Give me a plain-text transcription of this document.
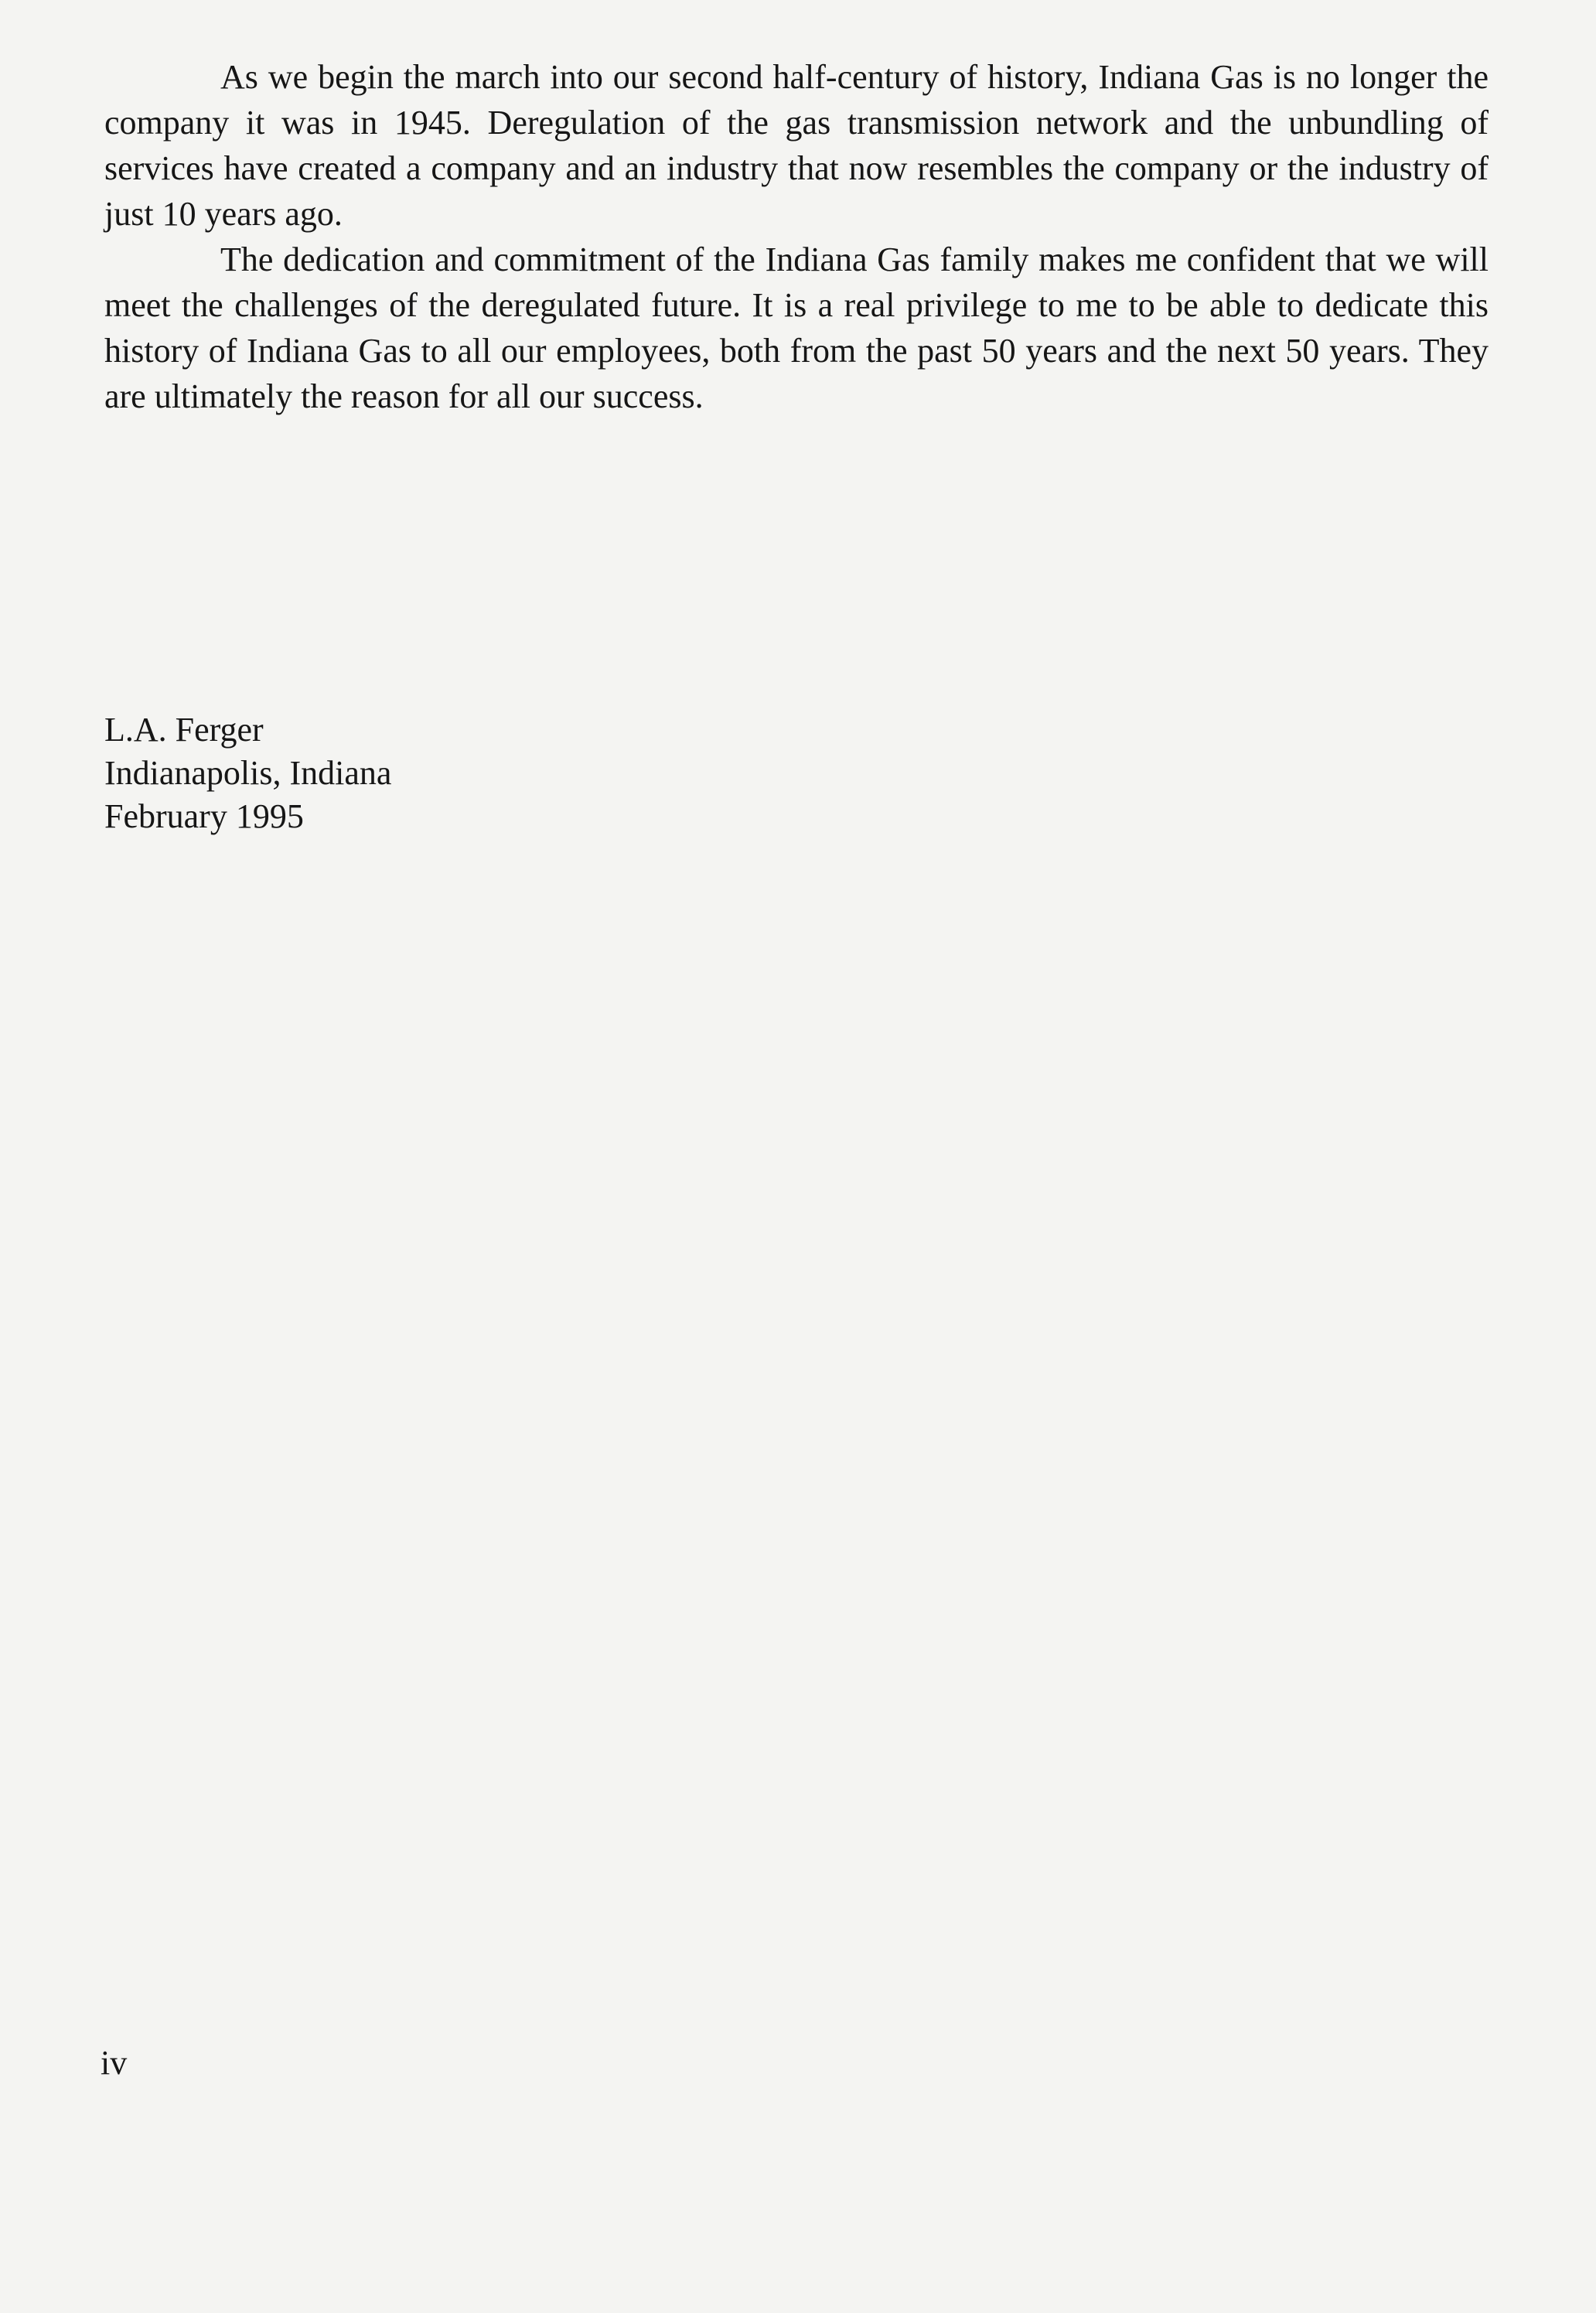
As we begin the march into our second half-century of history, Indiana Gas is no longer the company it was in 1945. Deregulation of the gas transmission network and the unbundling of services have created a company and an industry that now resembles the company or the industry of just 10 years ago.

The dedication and commitment of the Indiana Gas family makes me confident that we will meet the challenges of the deregulated future. It is a real privilege to me to be able to dedicate this history of Indiana Gas to all our employees, both from the past 50 years and the next 50 years. They are ultimately the reason for all our success.

L.A. Ferger
Indianapolis, Indiana
February 1995
iv
